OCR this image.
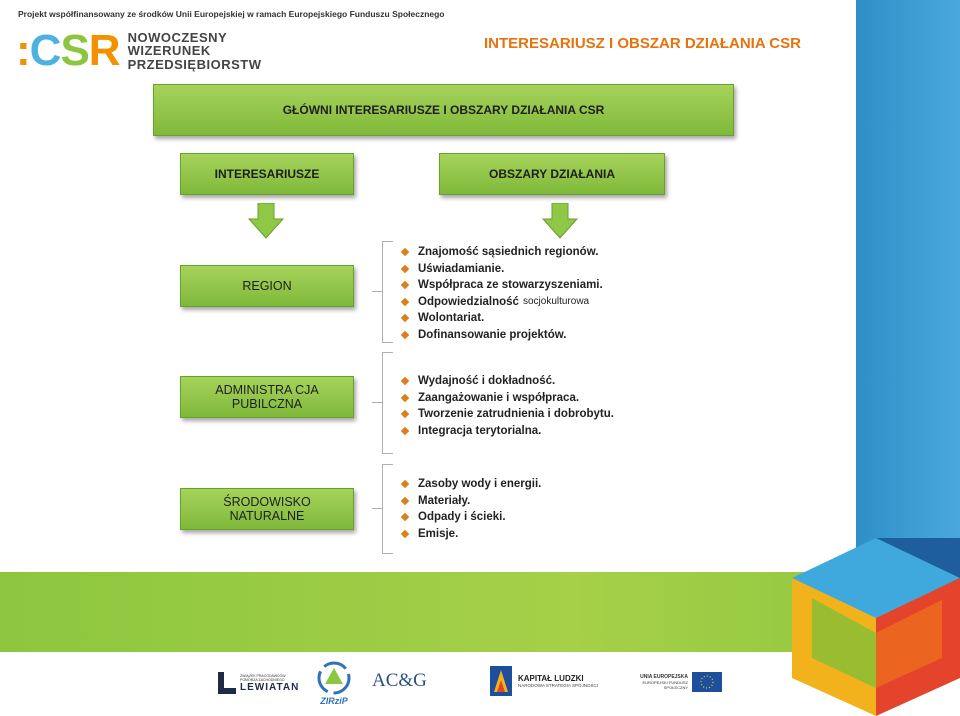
Projekt współfinansowany ze środków Unii Europejskiej w ramach Europejskiego Funduszu Społecznego
:CSR NOWOCZESNY
WIZERUNEK
PRZEDSIĘBIORSTW
INTERESARIUSZ I OBSZAR DZIAŁANIA CSR
GŁÓWNI INTERESARIUSZE I OBSZARY DZIAŁANIA CSR
INTERESARIUSZE	OBSZARY DZIAŁANIA
REGION
Znajomość sąsiednich regionów.
Uświadamianie.
Współpraca ze stowarzyszeniami.
Odpowiedzialność socjokulturowa
Wolontariat.
Dofinansowanie projektów.
ADMINISTRA CJA
PUBILCZNA
Wydajność i dokładność.
Zaangażowanie i współpraca.
Tworzenie zatrudnienia i dobrobytu.
Integracja terytorialna.
ŚRODOWISKO
NATURALNE
Zasoby wody i energii.
Materiały.
Odpady i ścieki.
Emisje.
ZWIĄZEK PRACODAWCÓW POMORZA ZACHODNIEGO
LEWIATAN
ZIRziP
AC&G	KAPITAŁ LUDZKI
NARODOWA STRATEGIA SPÓJNOŚCI
UNIA EUROPEJSKA
EUROPEJSKI FUNDUSZ SPOŁECZNY
